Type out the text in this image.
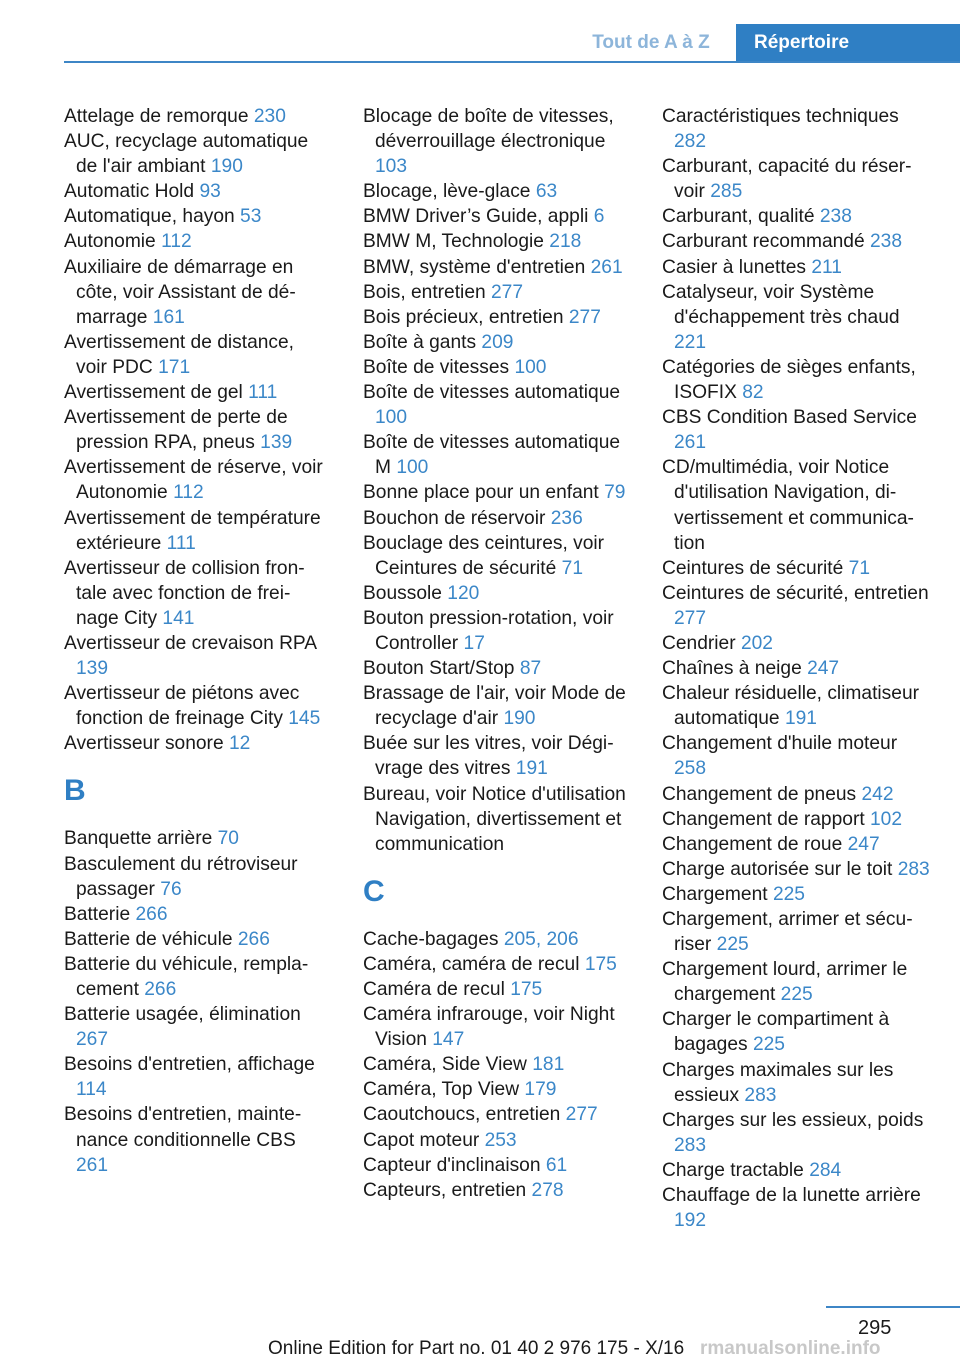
Tout de A à Z	Répertoire

Attelage de remorque 230

AUC, recyclage automatique de l'air ambiant 190

Automatic Hold 93

Automatique, hayon 53

Autonomie 112

Auxiliaire de démarrage en côte, voir Assistant de démarrage 161

Avertissement de distance, voir PDC 171

Avertissement de gel 111

Avertissement de perte de pression RPA, pneus 139

Avertissement de réserve, voir Autonomie 112

Avertissement de température extérieure 111

Avertisseur de collision frontale avec fonction de freinage City 141

Avertisseur de crevaison RPA 139

Avertisseur de piétons avec fonction de freinage City 145

Avertisseur sonore 12

B

Banquette arrière 70

Basculement du rétroviseur passager 76

Batterie 266

Batterie de véhicule 266

Batterie du véhicule, remplacement 266

Batterie usagée, élimination 267

Besoins d'entretien, affichage 114

Besoins d'entretien, maintenance conditionnelle CBS 261

Blocage de boîte de vitesses, déverrouillage électronique 103

Blocage, lève-glace 63

BMW Driver’s Guide, appli 6

BMW M, Technologie 218

BMW, système d'entretien 261

Bois, entretien 277

Bois précieux, entretien 277

Boîte à gants 209

Boîte de vitesses 100

Boîte de vitesses automatique 100

Boîte de vitesses automatique M 100

Bonne place pour un enfant 79

Bouchon de réservoir 236

Bouclage des ceintures, voir Ceintures de sécurité 71

Boussole 120

Bouton pression-rotation, voir Controller 17

Bouton Start/Stop 87

Brassage de l'air, voir Mode de recyclage d'air 190

Buée sur les vitres, voir Dégivrage des vitres 191

Bureau, voir Notice d'utilisation Navigation, divertissement et communication

C

Cache-bagages 205, 206

Caméra, caméra de recul 175

Caméra de recul 175

Caméra infrarouge, voir Night Vision 147

Caméra, Side View 181

Caméra, Top View 179

Caoutchoucs, entretien 277

Capot moteur 253

Capteur d'inclinaison 61

Capteurs, entretien 278

Caractéristiques techniques 282

Carburant, capacité du réservoir 285

Carburant, qualité 238

Carburant recommandé 238

Casier à lunettes 211

Catalyseur, voir Système d'échappement très chaud 221

Catégories de sièges enfants, ISOFIX 82

CBS Condition Based Service 261

CD/multimédia, voir Notice d'utilisation Navigation, divertissement et communication

Ceintures de sécurité 71

Ceintures de sécurité, entretien 277

Cendrier 202

Chaînes à neige 247

Chaleur résiduelle, climatiseur automatique 191

Changement d'huile moteur 258

Changement de pneus 242

Changement de rapport 102

Changement de roue 247

Charge autorisée sur le toit 283

Chargement 225

Chargement, arrimer et sécuriser 225

Chargement lourd, arrimer le chargement 225

Charger le compartiment à bagages 225

Charges maximales sur les essieux 283

Charges sur les essieux, poids 283

Charge tractable 284

Chauffage de la lunette arrière 192

295
Online Edition for Part no. 01 40 2 976 175 - X/16 rmanualsonline.info
